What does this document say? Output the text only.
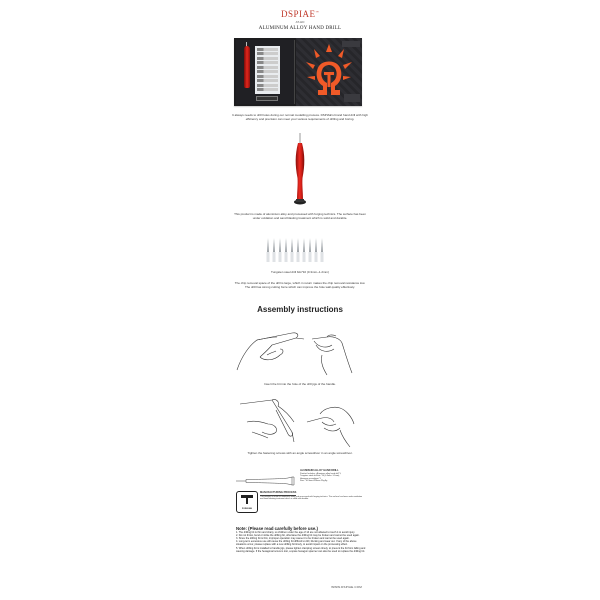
DSPIAE™
AT-HD
ALUMINUM ALLOY HAND DRILL
It always needs to drill holes during our normal modelling process. DSPIAE's brand hand drill with high efficiency and precision can meet your various requirements of drilling and boring.
This product is made of aluminium alloy and processed with forging technics. The surface has been under oxidation and sand blasting treatment which is solid and durable.
Tungsten steel drill bits*10 (0.3mm~1.2mm)
The chip removal space of the drill is large, which in return makes the chip removal resistance low. The drill has strong cutting force which can improve the hole wall quality effectively.
Assembly instructions
Insert the bit into the hole of the drill jigs of the handle.
Tighten the fastening screws with an angle screwdriver in an angle screwdriver.
ALUMINUM ALLOY HAND DRILL
Product Includes : Aluminum alloy hand drill*1,
Tungsten steel drill bits *10 (0.3mm~1.2mm),
Hexagon screwdriver*1
Size : 16.3mm Ø26mm Pkg.8g
FORGING
MANUFACTURING PROCESS
This product is made of aluminium alloy and processed with forging technics. The surface has been under oxidation and sand blasting treatment which is solid and durable.
Note: (Please read carefully before use.)
1. The drilling bit is thin and sharp, so children under the age of 14 are not allowed to touch it to avoid injury.
2. Do not throw, bend or strike the drilling bit, otherwise the drilling bit may be broken and cannot be used again.
3. Since the drilling bit is thin, improper operation may cause it to be broken and cannot be used again.
4. Long-term excessive use will cause the drilling bit difficult to drill, blunting and wear out. If any of the above situations occur, please replace with a new drilling bit timely, to avoid impact on the processing effect.
5. When drilling bit is installed to handle jigs, please tighten clamping screws timely, to prevent the bit from falling and causing damage. If the hexagonal screw is lost, a spare hexagon spanner can also be used to replace the drilling bit.
WWW.DSPIAE.COM
